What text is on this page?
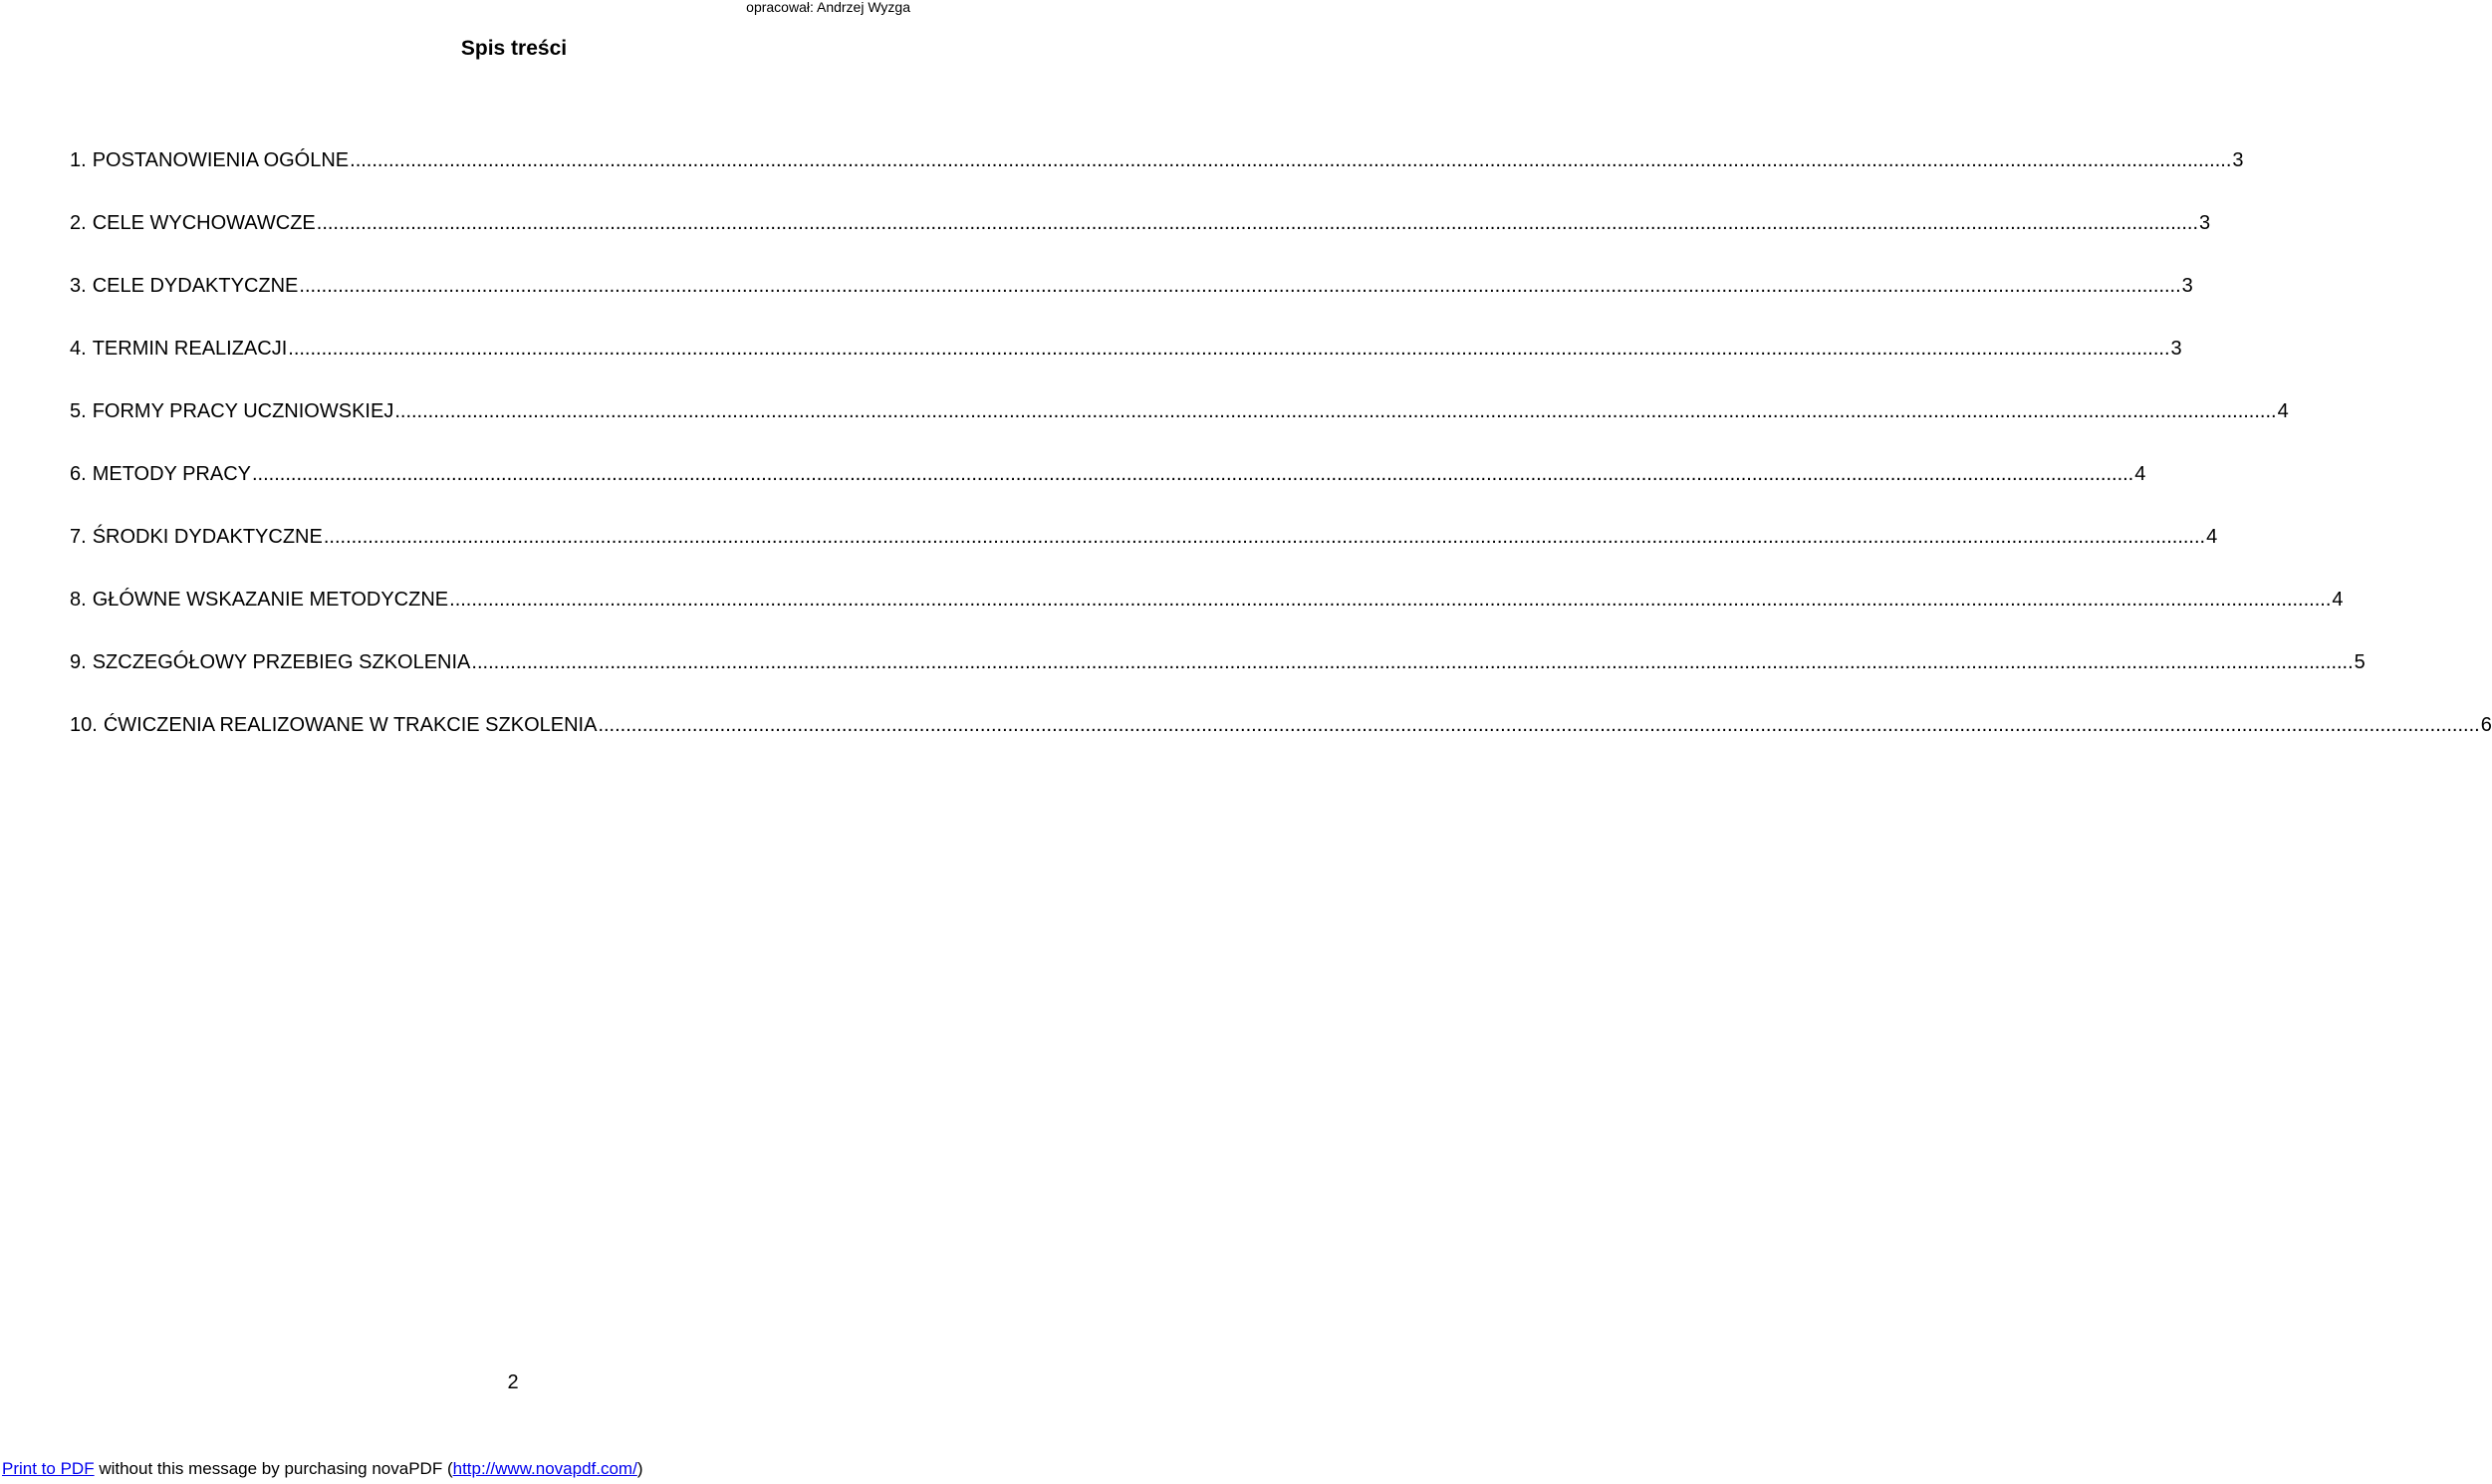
opracował: Andrzej Wyzga
Spis treści
1. POSTANOWIENIA OGÓLNE .....	3
2. CELE WYCHOWAWCZE .....	3
3. CELE DYDAKTYCZNE .....	3
4. TERMIN REALIZACJI .....	3
5. FORMY PRACY UCZNIOWSKIEJ .....	4
6. METODY PRACY .....	4
7. ŚRODKI DYDAKTYCZNE .....	4
8. GŁÓWNE WSKAZANIE METODYCZNE .....	4
9. SZCZEGÓŁOWY PRZEBIEG SZKOLENIA .....	5
10. ĆWICZENIA REALIZOWANE W TRAKCIE SZKOLENIA .....	6
2
Print to PDF without this message by purchasing novaPDF (http://www.novapdf.com/)
